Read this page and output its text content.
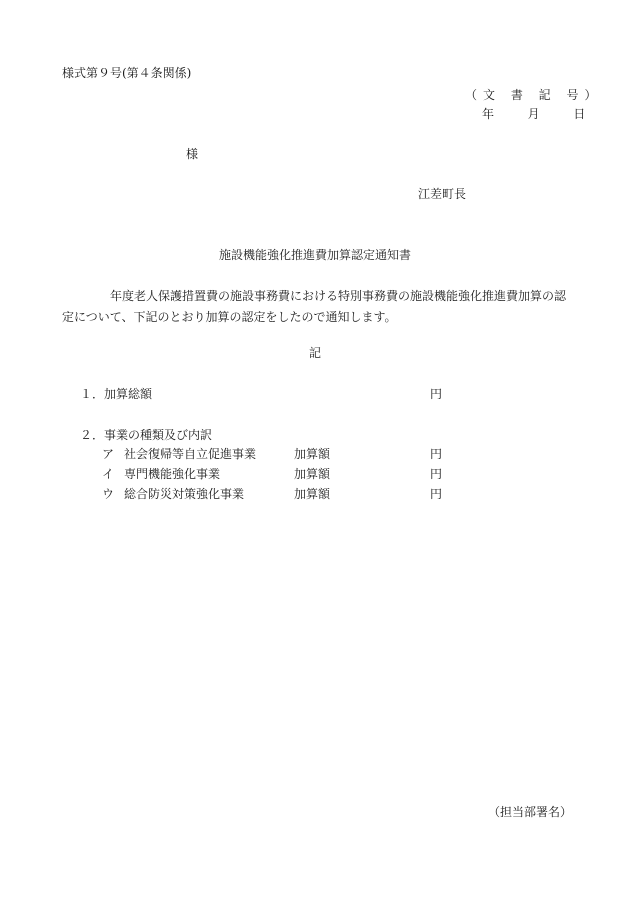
様式第９号(第４条関係)
（文 書 記 号）
年	月	日
様
江差町長
施設機能強化推進費加算認定通知書
年度老人保護措置費の施設事務費における特別事務費の施設機能強化推進費加算の認定について、下記のとおり加算の認定をしたので通知します。
記
１．加算総額	円
２．事業の種類及び内訳
ア 社会復帰等自立促進事業	加算額	円
イ 専門機能強化事業	加算額	円
ウ 総合防災対策強化事業	加算額	円
（担当部署名）
